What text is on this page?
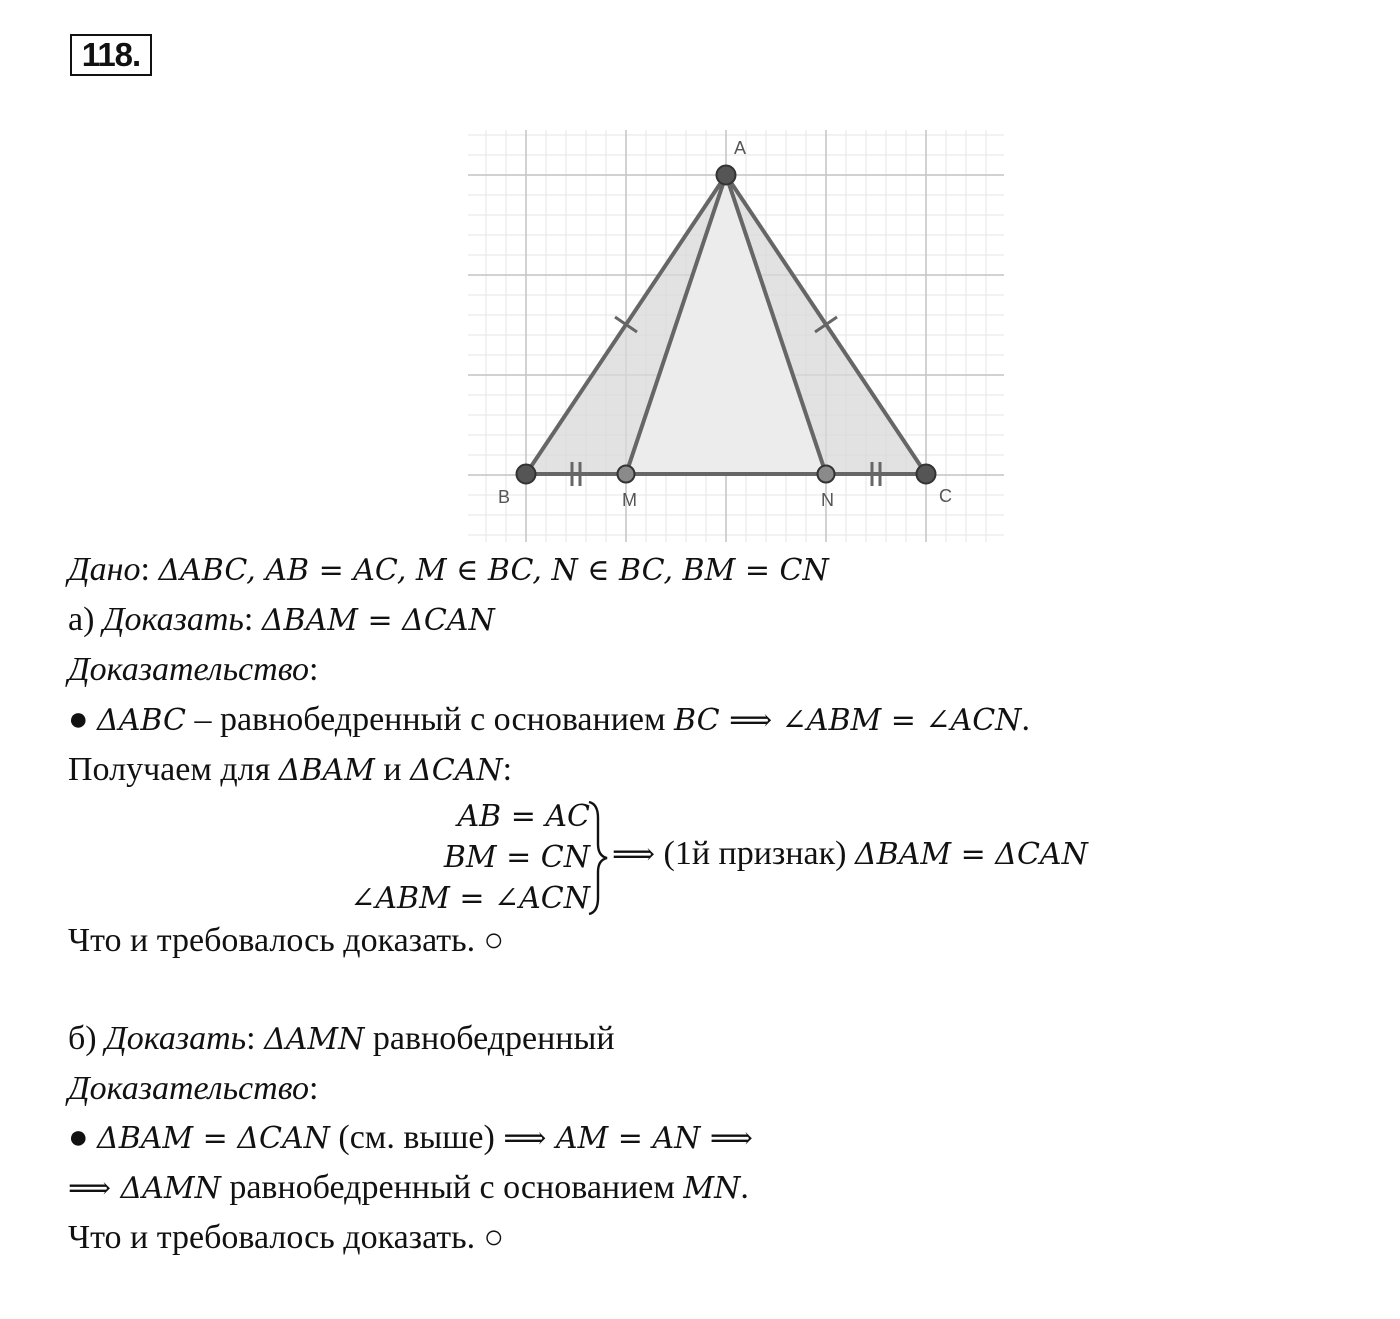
118.
A
B	M	N	C
Дано: ΔABC, AB = AC, M ∈ BC, N ∈ BC, BM = CN
а) Доказать: ΔBAM = ΔCAN
Доказательство:
● ΔABC – равнобедренный с основанием BC ⟹ ∠ABM = ∠ACN.
Получаем для ΔBAM и ΔCAN:
AB = AC
BM = CN
∠ABM = ∠ACN
⟹ (1й признак) ΔBAM = ΔCAN
Что и требовалось доказать. ○
б) Доказать: ΔAMN равнобедренный
Доказательство:
● ΔBAM = ΔCAN (см. выше) ⟹ AM = AN ⟹
⟹ ΔAMN равнобедренный с основанием MN.
Что и требовалось доказать. ○
